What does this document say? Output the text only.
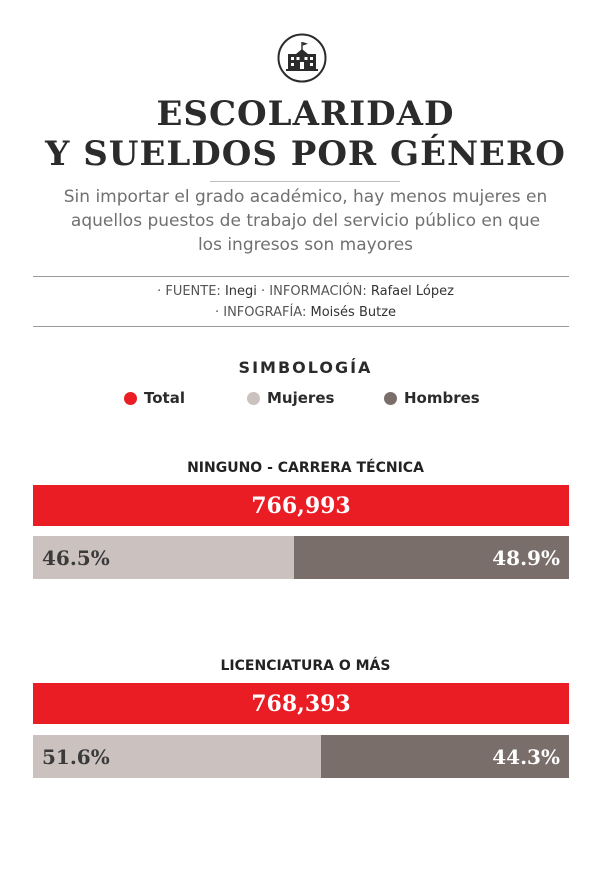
ESCOLARIDAD
Y SUELDOS POR GÉNERO
Sin importar el grado académico, hay menos mujeres en
aquellos puestos de trabajo del servicio público en que
los ingresos son mayores
· FUENTE: Inegi · INFORMACIÓN: Rafael López
· INFOGRAFÍA: Moisés Butze
SIMBOLOGÍA
Total	Mujeres	Hombres
NINGUNO - CARRERA TÉCNICA
766,993
46.5%	48.9%
LICENCIATURA O MÁS
768,393
51.6%	44.3%
